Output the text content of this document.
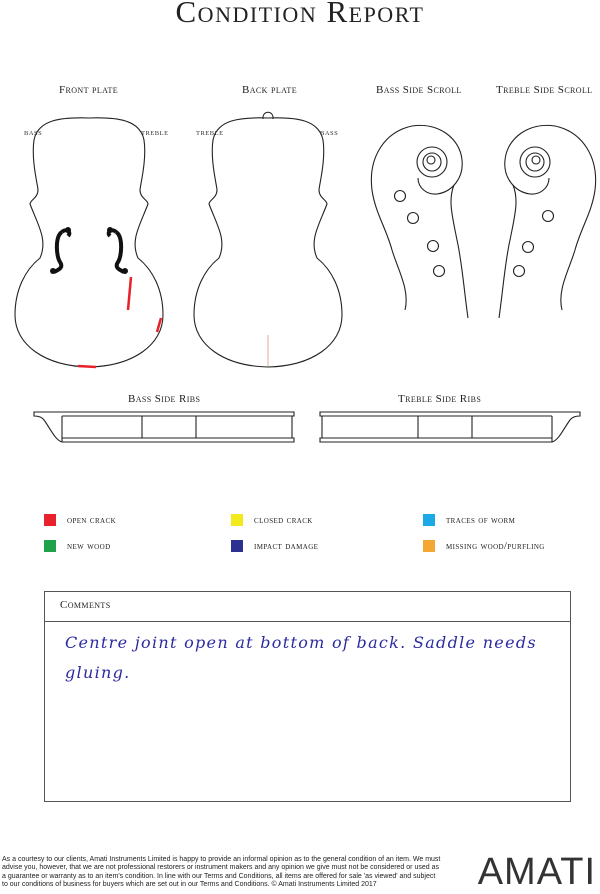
Condition Report
Front plate	Back plate	Bass Side Scroll	Treble Side Scroll
BASS	TREBLE	TREBLE	BASS
Bass Side Ribs	Treble Side Ribs
open crack	closed crack	traces of worm
new wood	impact damage	missing wood/purfling
Comments
Centre joint open at bottom of back. Saddle needs gluing.
As a courtesy to our clients, Amati Instruments Limited is happy to provide an informal opinion as to the general condition of an item. We must advise you, however, that we are not professional restorers or instrument makers and any opinion we give must not be considered or used as a guarantee or warranty as to an item's condition. In line with our Terms and Conditions, all items are offered for sale 'as viewed' and subject to our conditions of business for buyers which are set out in our Terms and Conditions. © Amati Instruments Limited 2017	AMATI
